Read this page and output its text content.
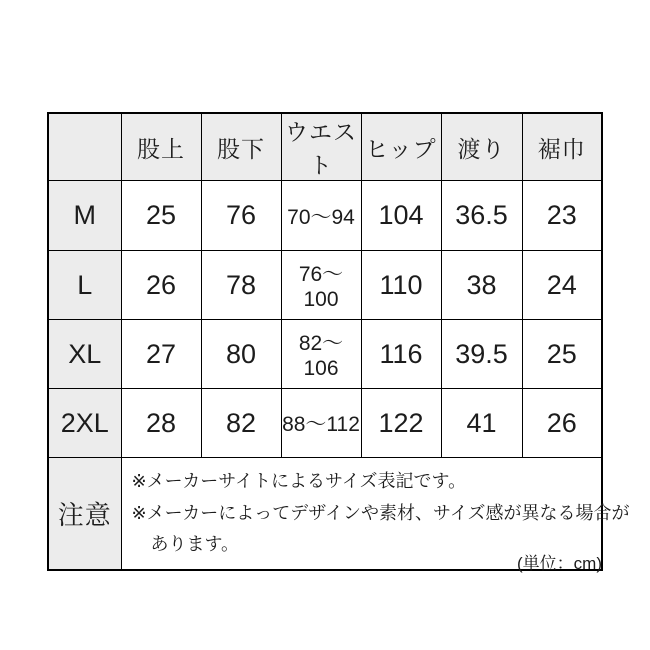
	股上	股下	ウエスト	ヒップ	渡り	裾巾
M	25	76	70〜94	104	36.5	23
L	26	78	76〜100	110	38	24
XL	27	80	82〜106	116	39.5	25
2XL	28	82	88〜112	122	41	26
注意	※メーカーサイトによるサイズ表記です。
※メーカーによってデザインや素材、サイズ感が異なる場合が
あります。					
(単位：cm)
